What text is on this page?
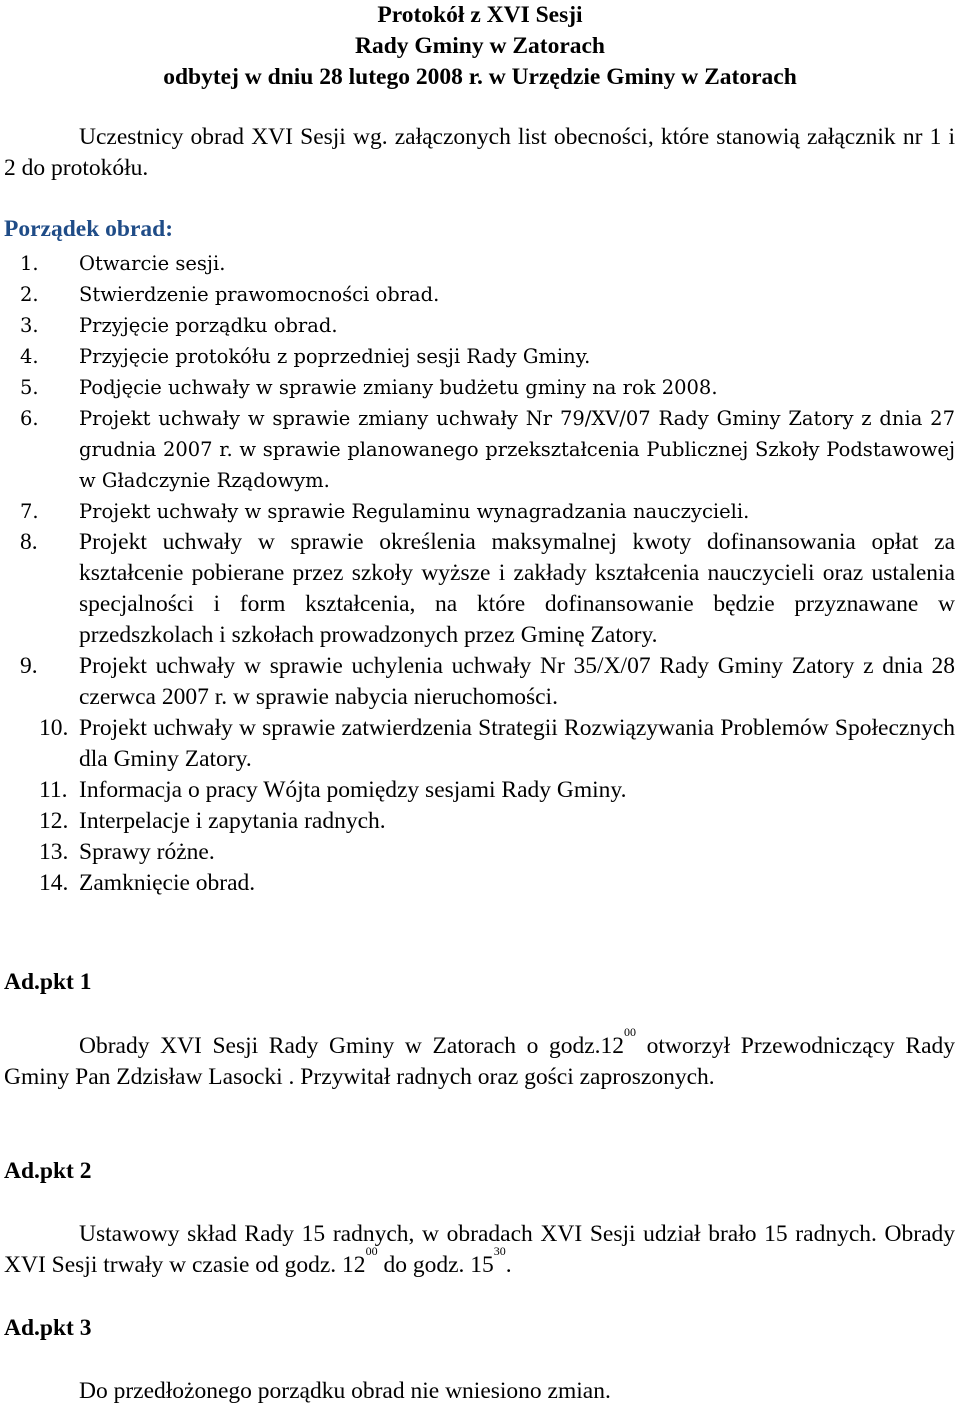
Protokół z XVI Sesji
Rady Gminy w Zatorach
odbytej w dniu 28 lutego 2008 r. w Urzędzie Gminy w Zatorach
Uczestnicy obrad XVI Sesji wg. załączonych list obecności, które stanowią załącznik nr 1 i 2 do protokółu.
Porządek obrad:
1.	Otwarcie sesji.
2.	Stwierdzenie prawomocności obrad.
3.	Przyjęcie porządku obrad.
4.	Przyjęcie protokółu z poprzedniej sesji Rady Gminy.
5.	Podjęcie uchwały w sprawie zmiany budżetu gminy na rok 2008.
6.	Projekt uchwały w sprawie zmiany uchwały Nr 79/XV/07 Rady Gminy Zatory z dnia 27 grudnia 2007 r. w sprawie planowanego przekształcenia Publicznej Szkoły Podstawowej w Gładczynie Rządowym.
7.	Projekt uchwały w sprawie Regulaminu wynagradzania nauczycieli.
8.	Projekt uchwały w sprawie określenia maksymalnej kwoty dofinansowania opłat za kształcenie pobierane przez szkoły wyższe i zakłady kształcenia nauczycieli oraz ustalenia specjalności i form kształcenia, na które dofinansowanie będzie przyznawane w przedszkolach i szkołach prowadzonych przez Gminę Zatory.
9.	Projekt uchwały w sprawie uchylenia uchwały Nr 35/X/07 Rady Gminy Zatory z dnia 28 czerwca 2007 r. w sprawie nabycia nieruchomości.
10. Projekt uchwały w sprawie zatwierdzenia Strategii Rozwiązywania Problemów Społecznych dla Gminy Zatory.
11. Informacja o pracy Wójta pomiędzy sesjami Rady Gminy.
12. Interpelacje i zapytania radnych.
13. Sprawy różne.
14. Zamknięcie obrad.
Ad.pkt 1
Obrady XVI Sesji Rady Gminy w Zatorach o $godz.12^{00}$ otworzył Przewodniczący Rady Gminy Pan Zdzisław Lasocki . Przywitał radnych oraz gości zaproszonych.
Ad.pkt 2
Ustawowy skład Rady 15 radnych, w obradach XVI Sesji udział brało 15 radnych. Obrady XVI Sesji trwały w czasie od godz. $12^{00}$ do godz. $15^{30}$.
Ad.pkt 3
Do przedłożonego porządku obrad nie wniesiono zmian.
